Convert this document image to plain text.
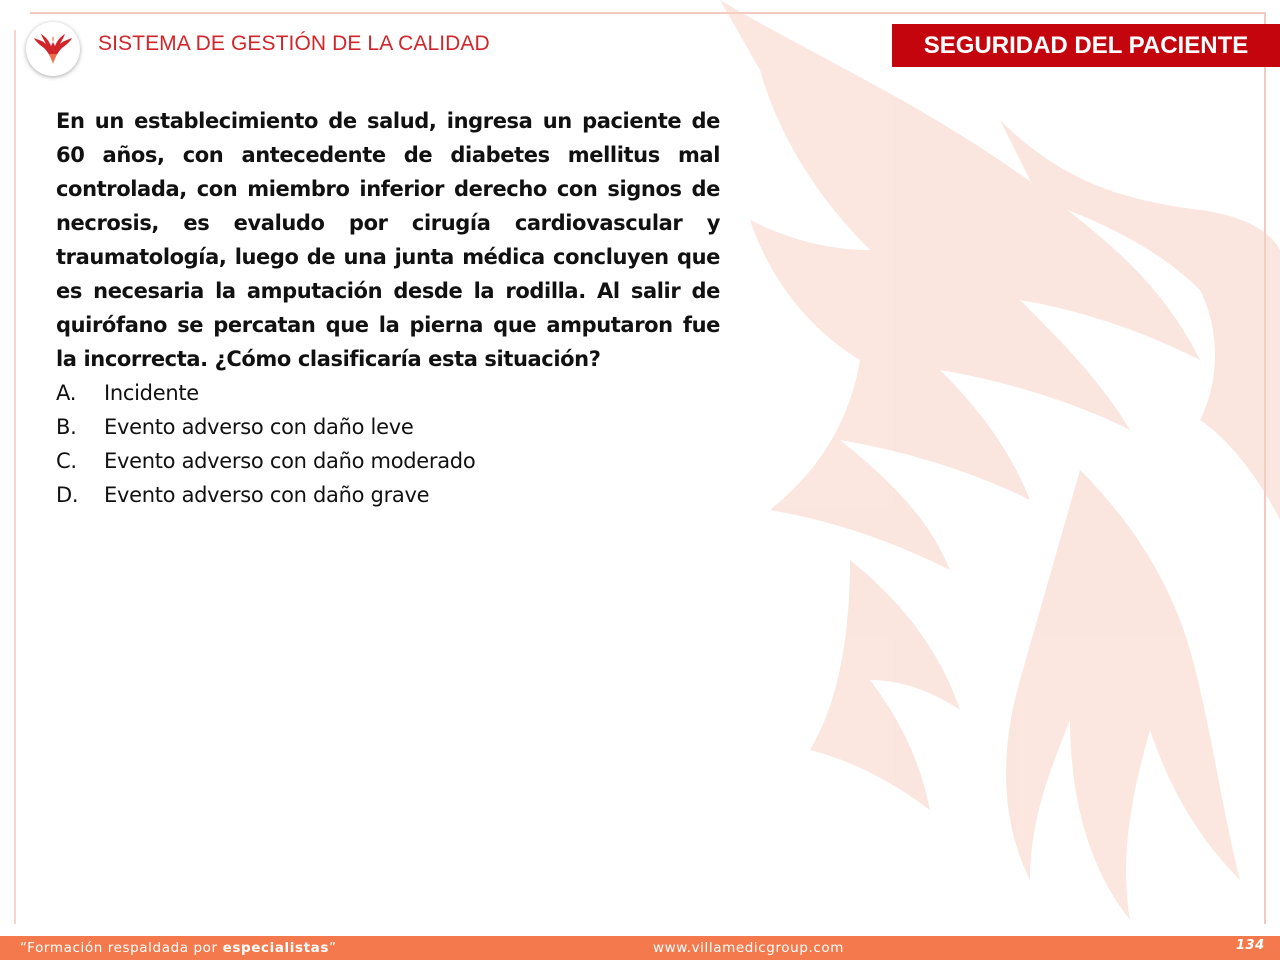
SISTEMA DE GESTIÓN DE LA CALIDAD	SEGURIDAD DEL PACIENTE
En un establecimiento de salud, ingresa un paciente de 60 años, con antecedente de diabetes mellitus mal controlada, con miembro inferior derecho con signos de necrosis, es evaludo por cirugía cardiovascular y traumatología, luego de una junta médica concluyen que es necesaria la amputación desde la rodilla. Al salir de quirófano se percatan que la pierna que amputaron fue la incorrecta. ¿Cómo clasificaría esta situación?
A.	Incidente
B.	Evento adverso con daño leve
C.	Evento adverso con daño moderado
D.	Evento adverso con daño grave
“Formación respaldada por especialistas”	www.villamedicgroup.com	134
